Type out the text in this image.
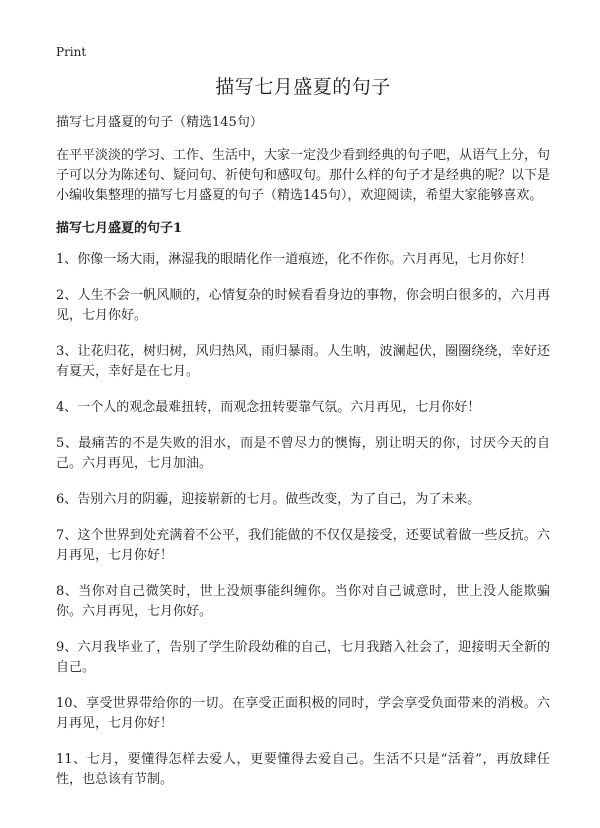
Print
描写七月盛夏的句子
描写七月盛夏的句子（精选145句）

在平平淡淡的学习、工作、生活中，大家一定没少看到经典的句子吧，从语气上分，句子可以分为陈述句、疑问句、祈使句和感叹句。那什么样的句子才是经典的呢？以下是小编收集整理的描写七月盛夏的句子（精选145句），欢迎阅读，希望大家能够喜欢。

描写七月盛夏的句子1

1、你像一场大雨，淋湿我的眼睛化作一道痕迹，化不作你。六月再见，七月你好！

2、人生不会一帆风顺的，心情复杂的时候看看身边的事物，你会明白很多的，六月再见，七月你好。

3、让花归花，树归树，风归热风，雨归暴雨。人生呐，波澜起伏，圈圈绕绕，幸好还有夏天，幸好是在七月。

4、一个人的观念最难扭转，而观念扭转要靠气氛。六月再见，七月你好！

5、最痛苦的不是失败的泪水，而是不曾尽力的懊悔，别让明天的你，讨厌今天的自己。六月再见，七月加油。

6、告别六月的阴霾，迎接崭新的七月。做些改变，为了自己，为了未来。

7、这个世界到处充满着不公平，我们能做的不仅仅是接受，还要试着做一些反抗。六月再见，七月你好！

8、当你对自己微笑时，世上没烦事能纠缠你。当你对自己诚意时，世上没人能欺骗你。六月再见，七月你好。

9、六月我毕业了，告别了学生阶段幼稚的自己，七月我踏入社会了，迎接明天全新的自己。

10、享受世界带给你的一切。在享受正面积极的同时，学会享受负面带来的消极。六月再见，七月你好！

11、七月，要懂得怎样去爱人，更要懂得去爱自己。生活不只是“活着”，再放肆任性，也总该有节制。
